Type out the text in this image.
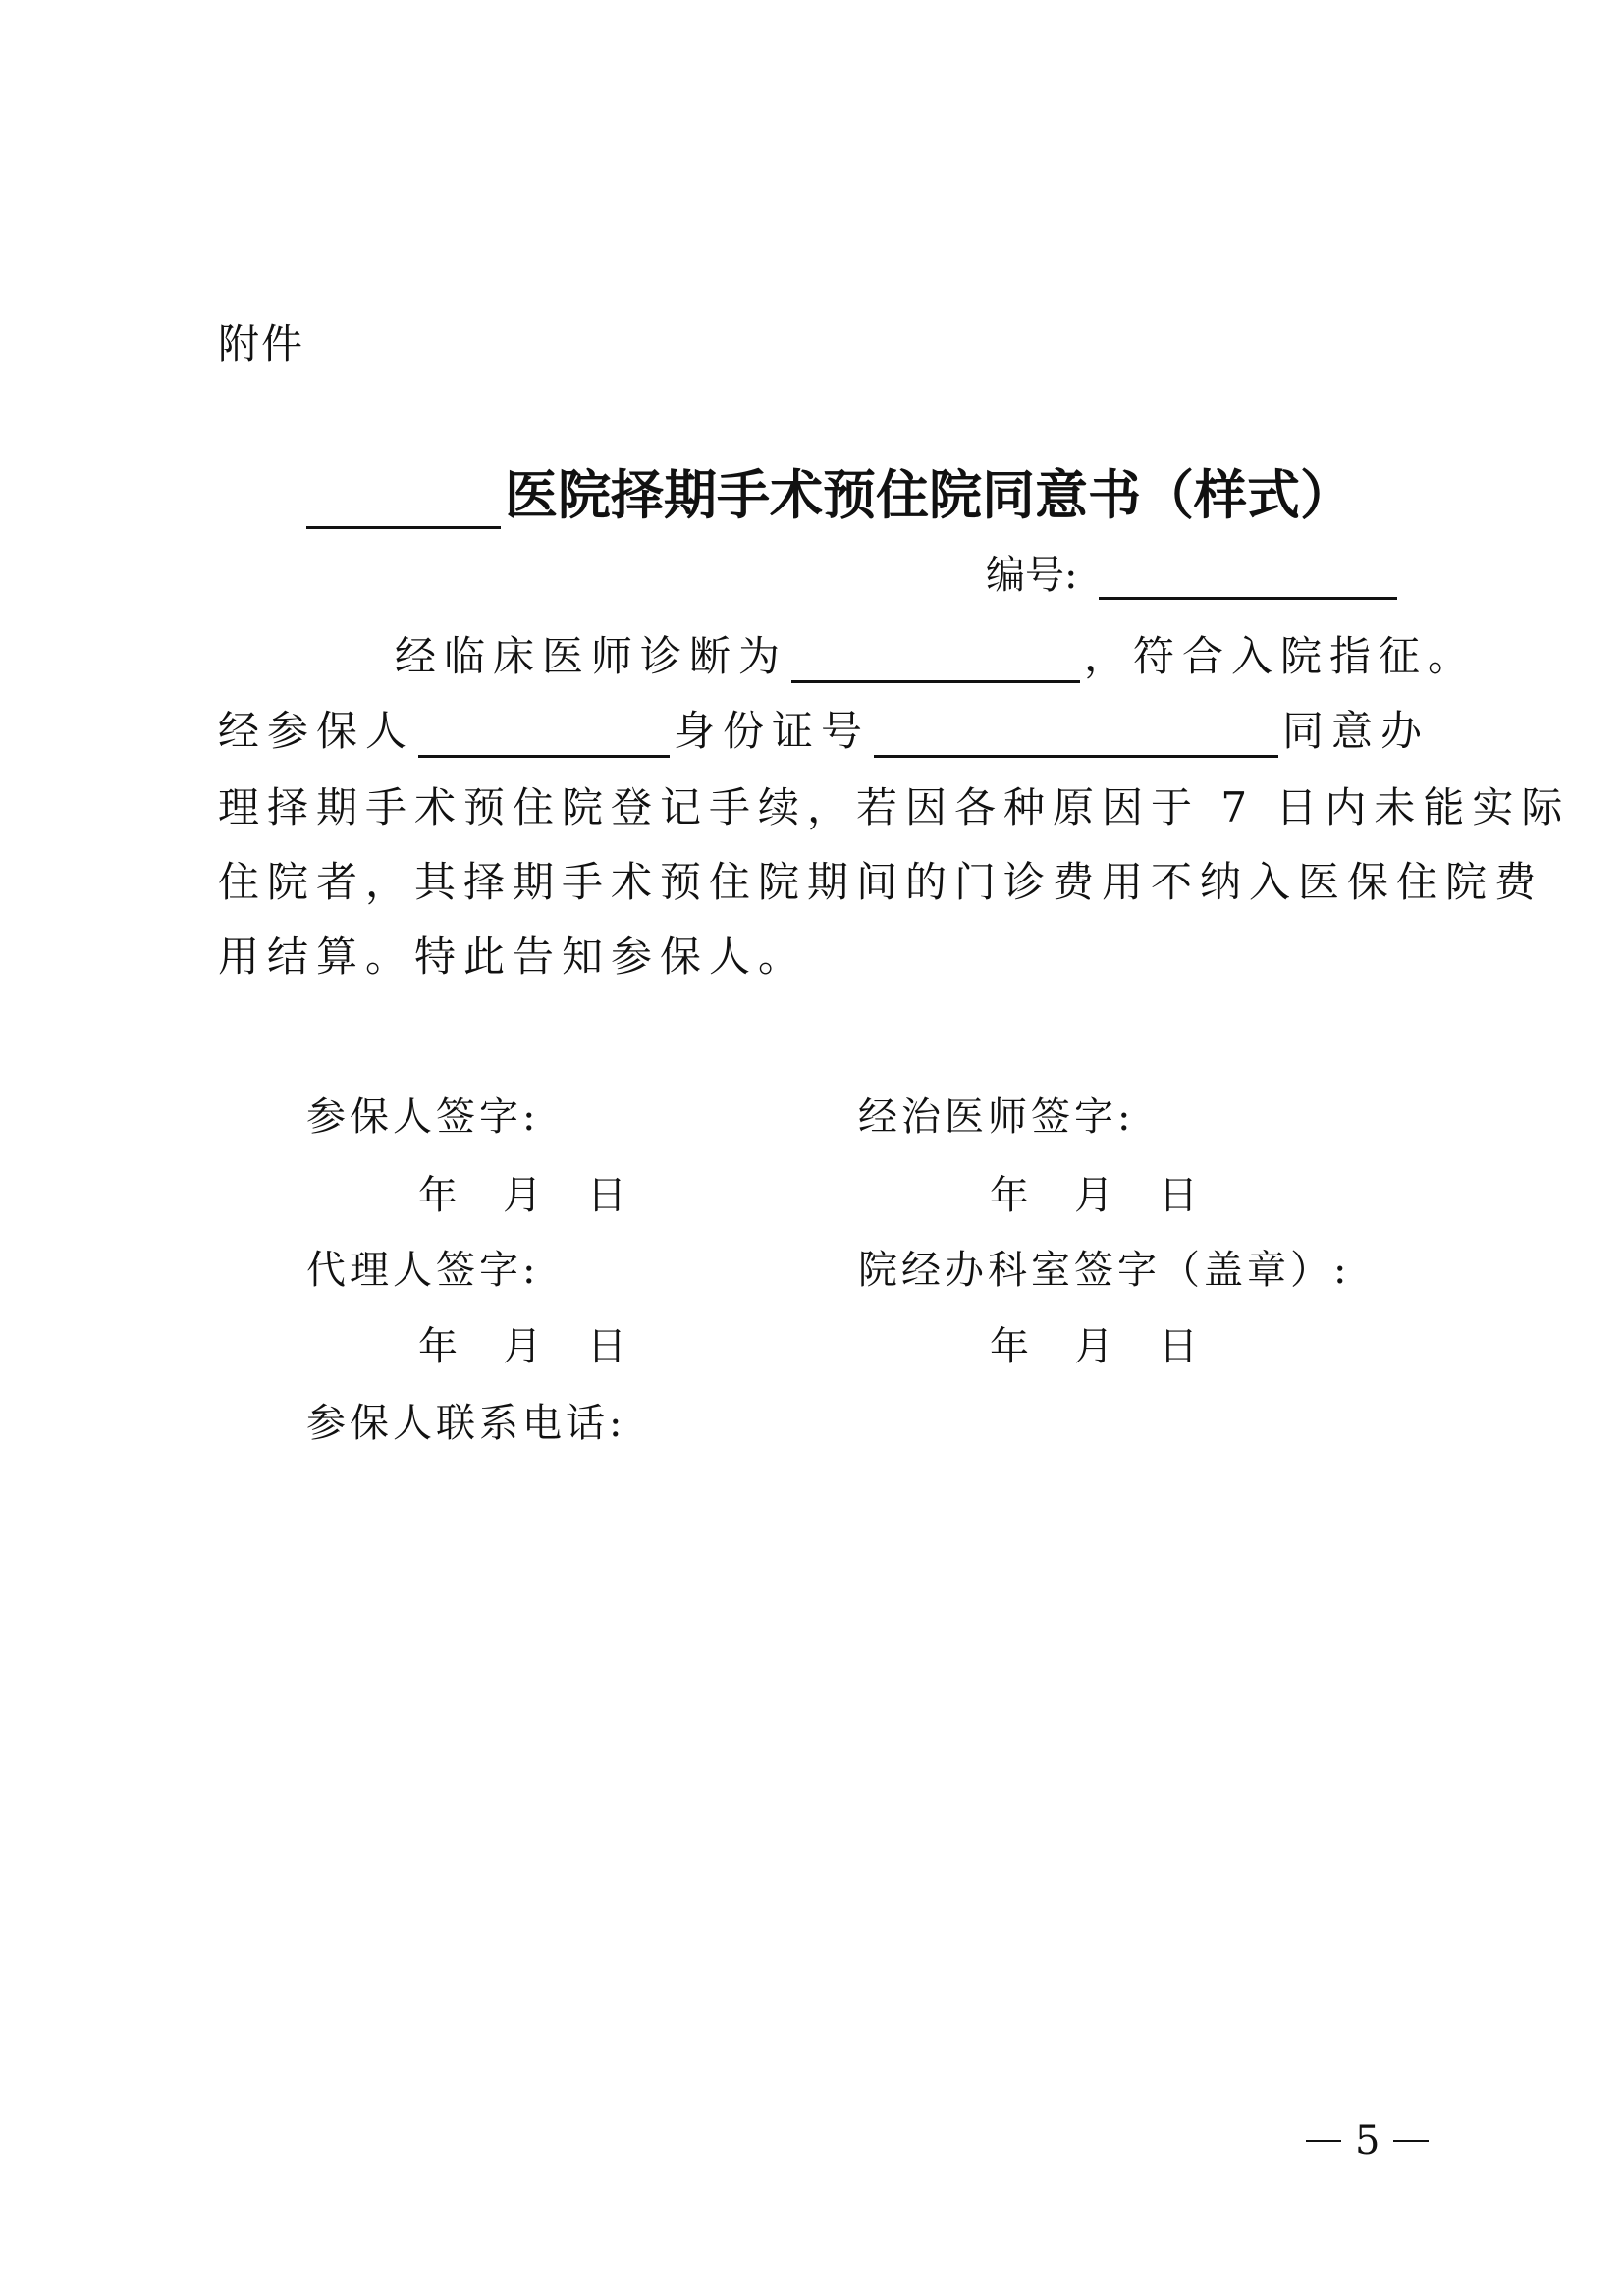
附件
医院择期手术预住院同意书（样式）
编号:
经临床医师诊断为	，符合入院指征。
经参保人	身份证号	同意办
理择期手术预住院登记手续，若因各种原因于 7 日内未能实际
住院者，其择期手术预住院期间的门诊费用不纳入医保住院费
用结算。特此告知参保人。
参保人签字:	经治医师签字:
年 月 日	年 月 日
代理人签字:	院经办科室签字（盖章）:
年 月 日	年 月 日
参保人联系电话:
5
